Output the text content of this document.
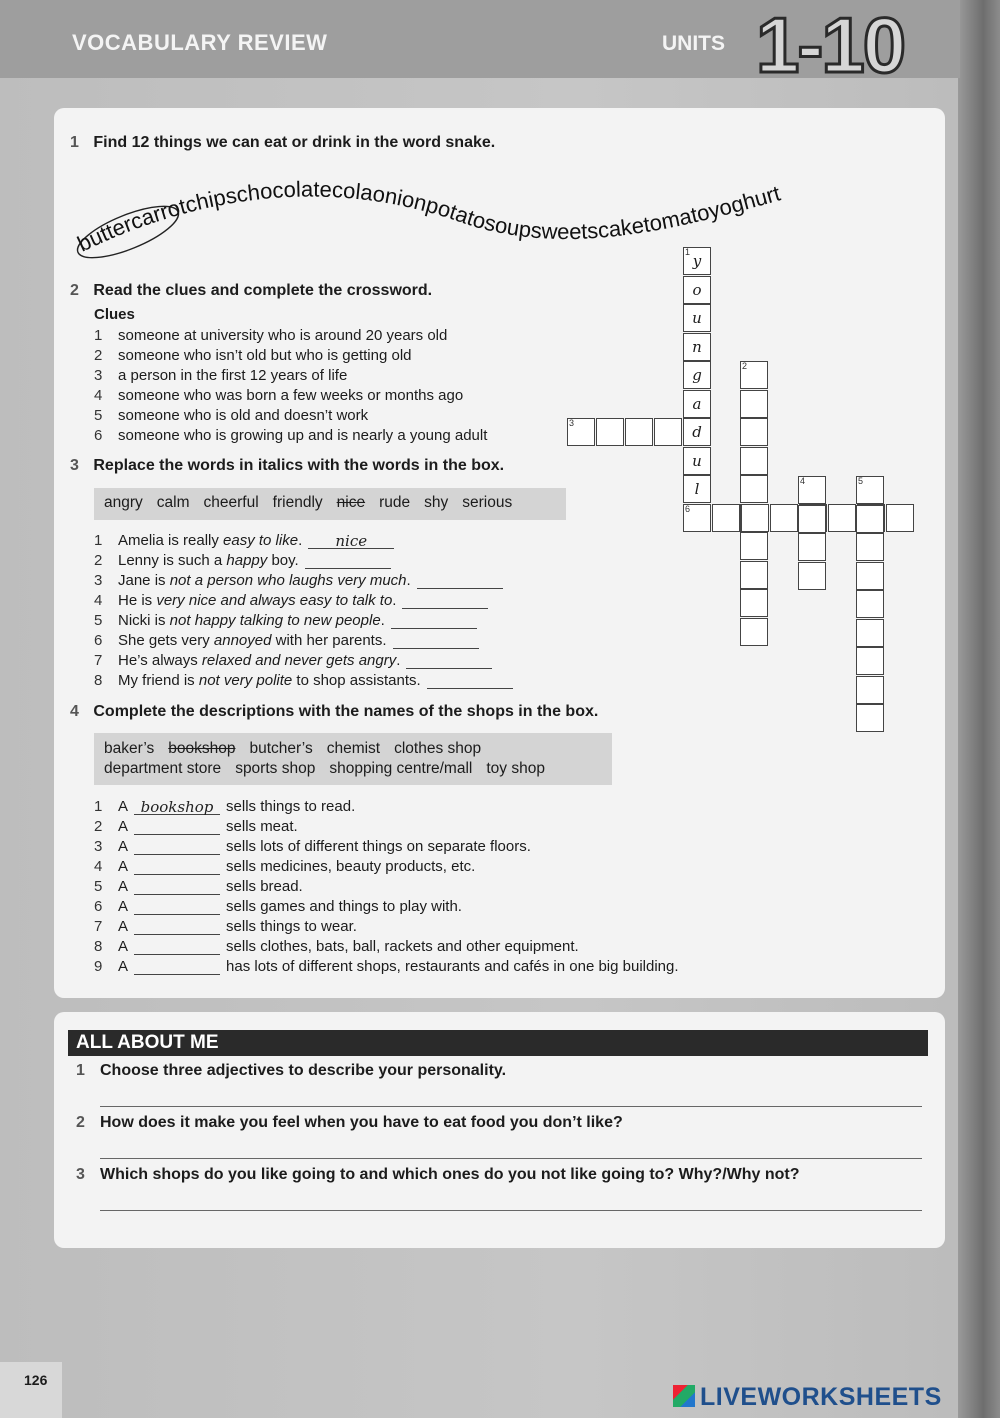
VOCABULARY REVIEW	UNITS 1-10
1 Find 12 things we can eat or drink in the word snake.
buttercarrotchipschocolatecolaonionpotatosoupsweetscaketomatoyoghurt
2 Read the clues and complete the crossword.
Clues
1 someone at university who is around 20 years old
2 someone who isn’t old but who is getting old
3 a person in the first 12 years of life
4 someone who was born a few weeks or months ago
5 someone who is old and doesn’t work
6 someone who is growing up and is nearly a young adult
1 y
o
u
n
g
a
d
u
l
2
3
6
4	5
3 Replace the words in italics with the words in the box.
angry calm cheerful friendly nice rude shy serious
1 Amelia is really easy to like. nice
2 Lenny is such a happy boy.
3 Jane is not a person who laughs very much.
4 He is very nice and always easy to talk to.
5 Nicki is not happy talking to new people.
6 She gets very annoyed with her parents.
7 He’s always relaxed and never gets angry.
8 My friend is not very polite to shop assistants.
4 Complete the descriptions with the names of the shops in the box.
baker’s bookshop butcher’s chemist clothes shop
department store sports shop shopping centre/mall toy shop
1 A bookshop sells things to read.
2 A	sells meat.
3 A	sells lots of different things on separate floors.
4 A	sells medicines, beauty products, etc.
5 A	sells bread.
6 A	sells games and things to play with.
7 A	sells things to wear.
8 A	sells clothes, bats, ball, rackets and other equipment.
9 A	has lots of different shops, restaurants and cafés in one big building.
ALL ABOUT ME
1 Choose three adjectives to describe your personality.
2 How does it make you feel when you have to eat food you don’t like?
3 Which shops do you like going to and which ones do you not like going to? Why?/Why not?
126
LIVEWORKSHEETS
